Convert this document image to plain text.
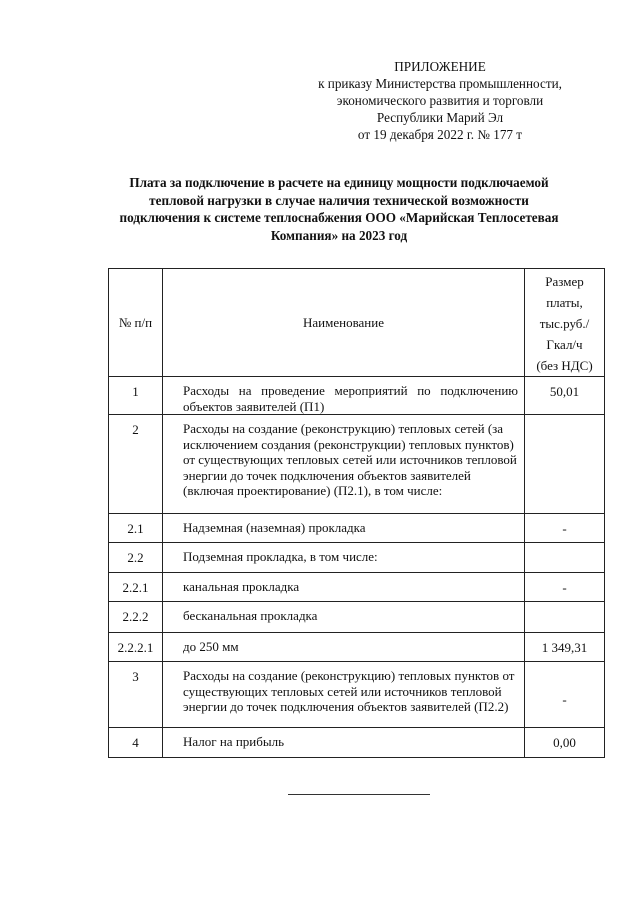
ПРИЛОЖЕНИЕ
к приказу Министерства промышленности,
экономического развития и торговли
Республики Марий Эл
от 19 декабря 2022 г. № 177 т
Плата за подключение в расчете на единицу мощности подключаемой
тепловой нагрузки в случае наличия технической возможности
подключения к системе теплоснабжения ООО «Марийская Теплосетевая
Компания» на 2023 год
№ п/п	Наименование	Размер
платы,
тыс.руб./
Гкал/ч
(без НДС)

1	Расходы на проведение мероприятий по подключению объектов заявителей (П1)	50,01
2	Расходы на создание (реконструкцию) тепловых сетей (за исключением создания (реконструкции) тепловых пунктов) от существующих тепловых сетей или источников тепловой энергии до точек подключения объектов заявителей (включая проектирование) (П2.1), в том числе:	
2.1	Надземная (наземная) прокладка	-
2.2	Подземная прокладка, в том числе:	
2.2.1	канальная прокладка	-
2.2.2	бесканальная прокладка	
2.2.2.1	до 250 мм	1 349,31
3	Расходы на создание (реконструкцию) тепловых пунктов от существующих тепловых сетей или источников тепловой энергии до точек подключения объектов заявителей (П2.2)	-
4	Налог на прибыль	0,00
